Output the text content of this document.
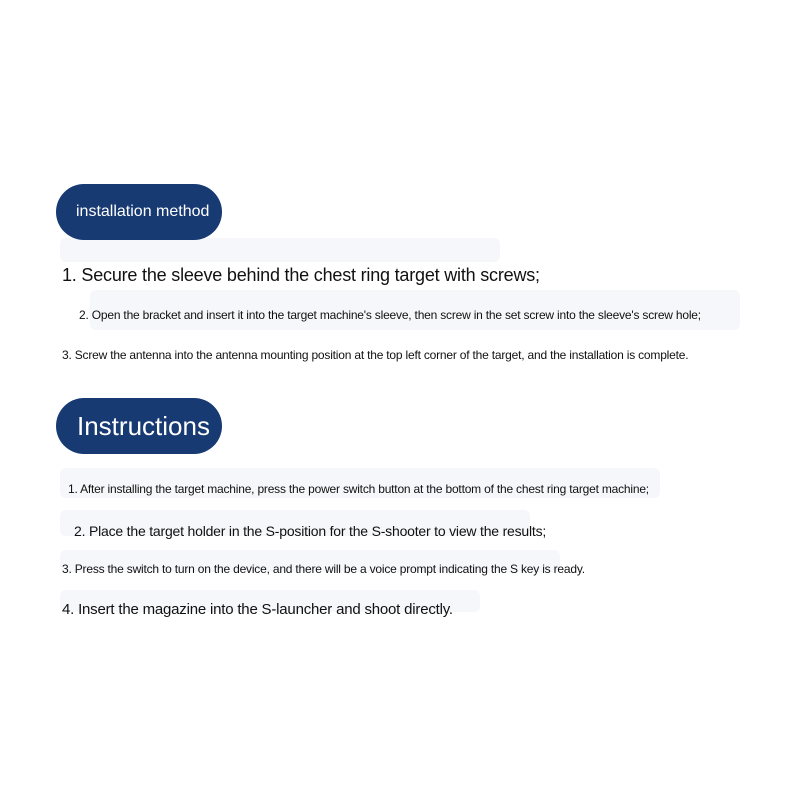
installation method
1. Secure the sleeve behind the chest ring target with screws;
2. Open the bracket and insert it into the target machine's sleeve, then screw in the set screw into the sleeve's screw hole;
3. Screw the antenna into the antenna mounting position at the top left corner of the target, and the installation is complete.
Instructions
1. After installing the target machine, press the power switch button at the bottom of the chest ring target machine;
2. Place the target holder in the S-position for the S-shooter to view the results;
3. Press the switch to turn on the device, and there will be a voice prompt indicating the S key is ready.
4. Insert the magazine into the S-launcher and shoot directly.
